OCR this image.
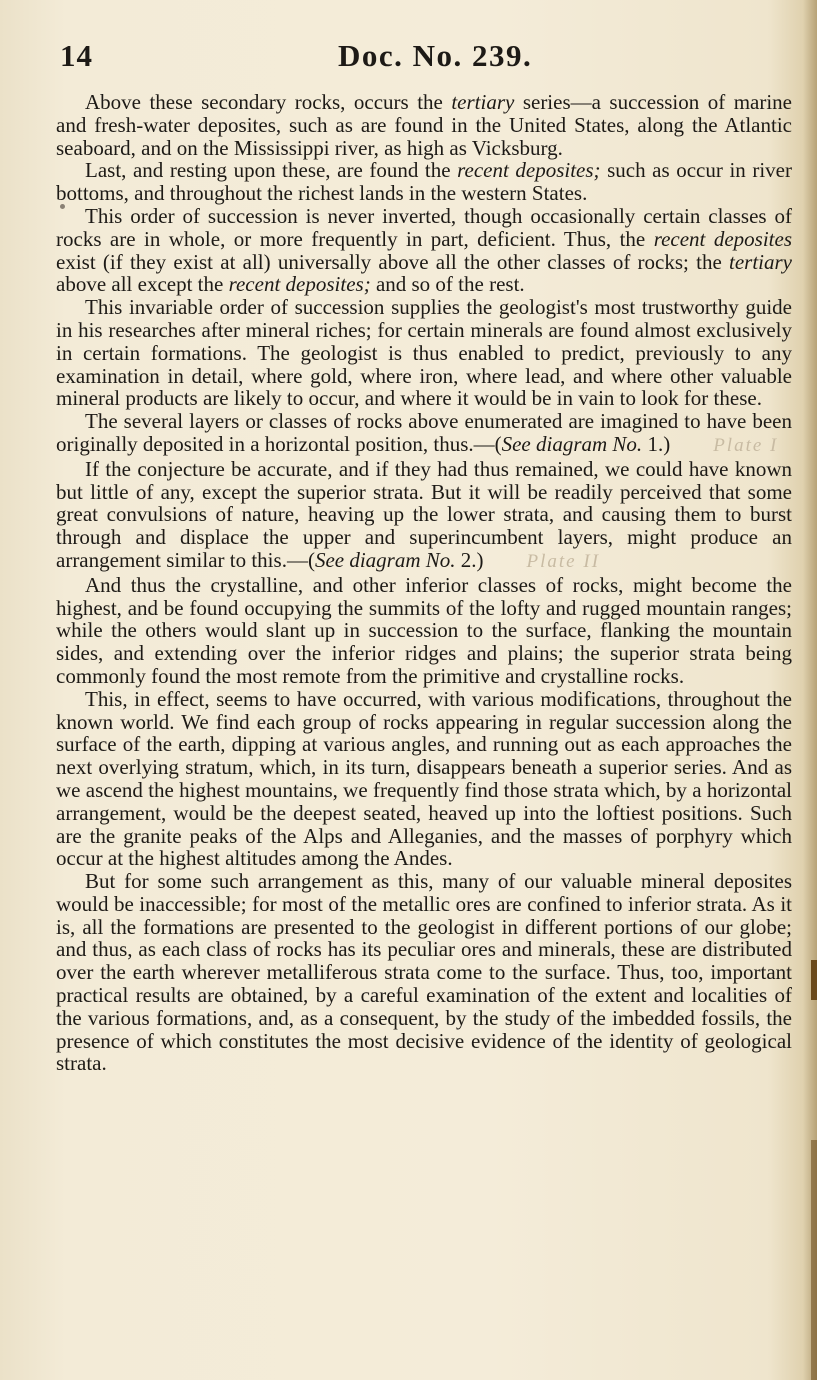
14	Doc. No. 239.

Above these secondary rocks, occurs the tertiary series—a succession of marine and fresh-water deposites, such as are found in the United States, along the Atlantic seaboard, and on the Mississippi river, as high as Vicksburg.

Last, and resting upon these, are found the recent deposites; such as occur in river bottoms, and throughout the richest lands in the western States.

This order of succession is never inverted, though occasionally certain classes of rocks are in whole, or more frequently in part, deficient. Thus, the recent deposites exist (if they exist at all) universally above all the other classes of rocks; the tertiary above all except the recent deposites; and so of the rest.

This invariable order of succession supplies the geologist's most trustworthy guide in his researches after mineral riches; for certain minerals are found almost exclusively in certain formations. The geologist is thus enabled to predict, previously to any examination in detail, where gold, where iron, where lead, and where other valuable mineral products are likely to occur, and where it would be in vain to look for these.

The several layers or classes of rocks above enumerated are imagined to have been originally deposited in a horizontal position, thus.—(See diagram No. 1.) Plate I

If the conjecture be accurate, and if they had thus remained, we could have known but little of any, except the superior strata. But it will be readily perceived that some great convulsions of nature, heaving up the lower strata, and causing them to burst through and displace the upper and superincumbent layers, might produce an arrangement similar to this.—(See diagram No. 2.) Plate II

And thus the crystalline, and other inferior classes of rocks, might become the highest, and be found occupying the summits of the lofty and rugged mountain ranges; while the others would slant up in succession to the surface, flanking the mountain sides, and extending over the inferior ridges and plains; the superior strata being commonly found the most remote from the primitive and crystalline rocks.

This, in effect, seems to have occurred, with various modifications, throughout the known world. We find each group of rocks appearing in regular succession along the surface of the earth, dipping at various angles, and running out as each approaches the next overlying stratum, which, in its turn, disappears beneath a superior series. And as we ascend the highest mountains, we frequently find those strata which, by a horizontal arrangement, would be the deepest seated, heaved up into the loftiest positions. Such are the granite peaks of the Alps and Alleganies, and the masses of porphyry which occur at the highest altitudes among the Andes.

But for some such arrangement as this, many of our valuable mineral deposites would be inaccessible; for most of the metallic ores are confined to inferior strata. As it is, all the formations are presented to the geologist in different portions of our globe; and thus, as each class of rocks has its peculiar ores and minerals, these are distributed over the earth wherever metalliferous strata come to the surface. Thus, too, important practical results are obtained, by a careful examination of the extent and localities of the various formations, and, as a consequent, by the study of the imbedded fossils, the presence of which constitutes the most decisive evidence of the identity of geological strata.
